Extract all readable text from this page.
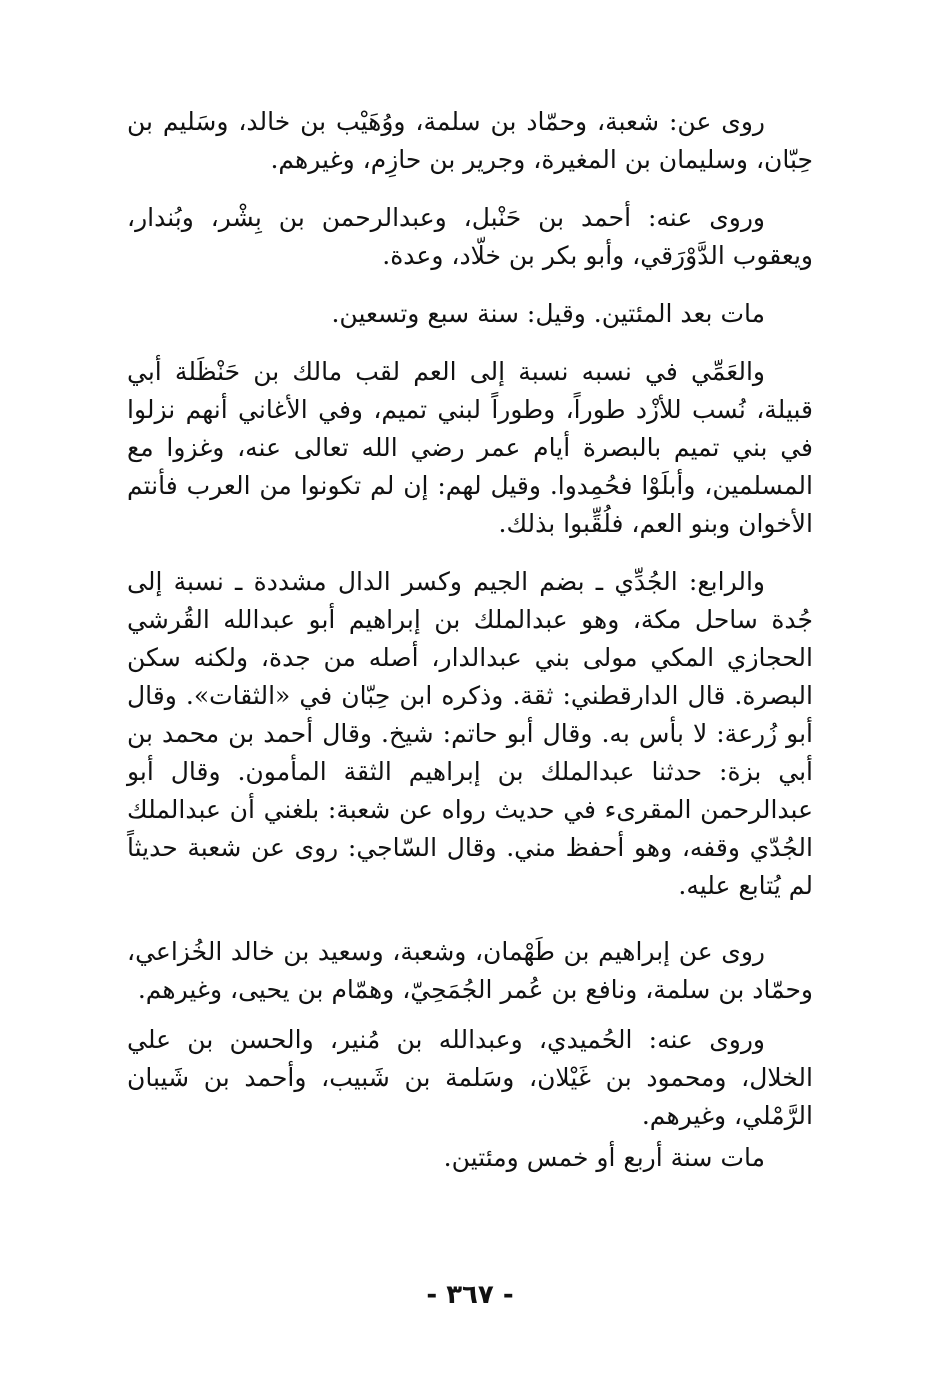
روى عن: شعبة، وحمّاد بن سلمة، ووُهَيْب بن خالد، وسَليم بن حِبّان، وسليمان بن المغيرة، وجرير بن حازِم، وغيرهم.

وروى عنه: أحمد بن حَنْبل، وعبدالرحمن بن بِشْر، وبُندار، ويعقوب الدَّوْرَقي، وأبو بكر بن خلّاد، وعدة.

مات بعد المئتين. وقيل: سنة سبع وتسعين.

والعَمِّي في نسبه نسبة إلى العم لقب مالك بن حَنْظَلة أبي قبيلة، نُسب للأزْد طوراً، وطوراً لبني تميم، وفي الأغاني أنهم نزلوا في بني تميم بالبصرة أيام عمر رضي الله تعالى عنه، وغزوا مع المسلمين، وأبلَوْا فحُمِدوا. وقيل لهم: إن لم تكونوا من العرب فأنتم الأخوان وبنو العم، فلُقِّبوا بذلك.

والرابع: الجُدِّي ـ بضم الجيم وكسر الدال مشددة ـ نسبة إلى جُدة ساحل مكة، وهو عبدالملك بن إبراهيم أبو عبدالله القُرشي الحجازي المكي مولى بني عبدالدار، أصله من جدة، ولكنه سكن البصرة. قال الدارقطني: ثقة. وذكره ابن حِبّان في «الثقات». وقال أبو زُرعة: لا بأس به. وقال أبو حاتم: شيخ. وقال أحمد بن محمد بن أبي بزة: حدثنا عبدالملك بن إبراهيم الثقة المأمون. وقال أبو عبدالرحمن المقرىء في حديث رواه عن شعبة: بلغني أن عبدالملك الجُدّي وقفه، وهو أحفظ مني. وقال السّاجي: روى عن شعبة حديثاً لم يُتابع عليه.

روى عن إبراهيم بن طَهْمان، وشعبة، وسعيد بن خالد الخُزاعي، وحمّاد بن سلمة، ونافع بن عُمر الجُمَحِيّ، وهمّام بن يحيى، وغيرهم.

وروى عنه: الحُميدي، وعبدالله بن مُنير، والحسن بن علي الخلال، ومحمود بن غَيْلان، وسَلمة بن شَبيب، وأحمد بن شَيبان الرَّمْلي، وغيرهم.

مات سنة أربع أو خمس ومئتين.

- ٣٦٧ -
